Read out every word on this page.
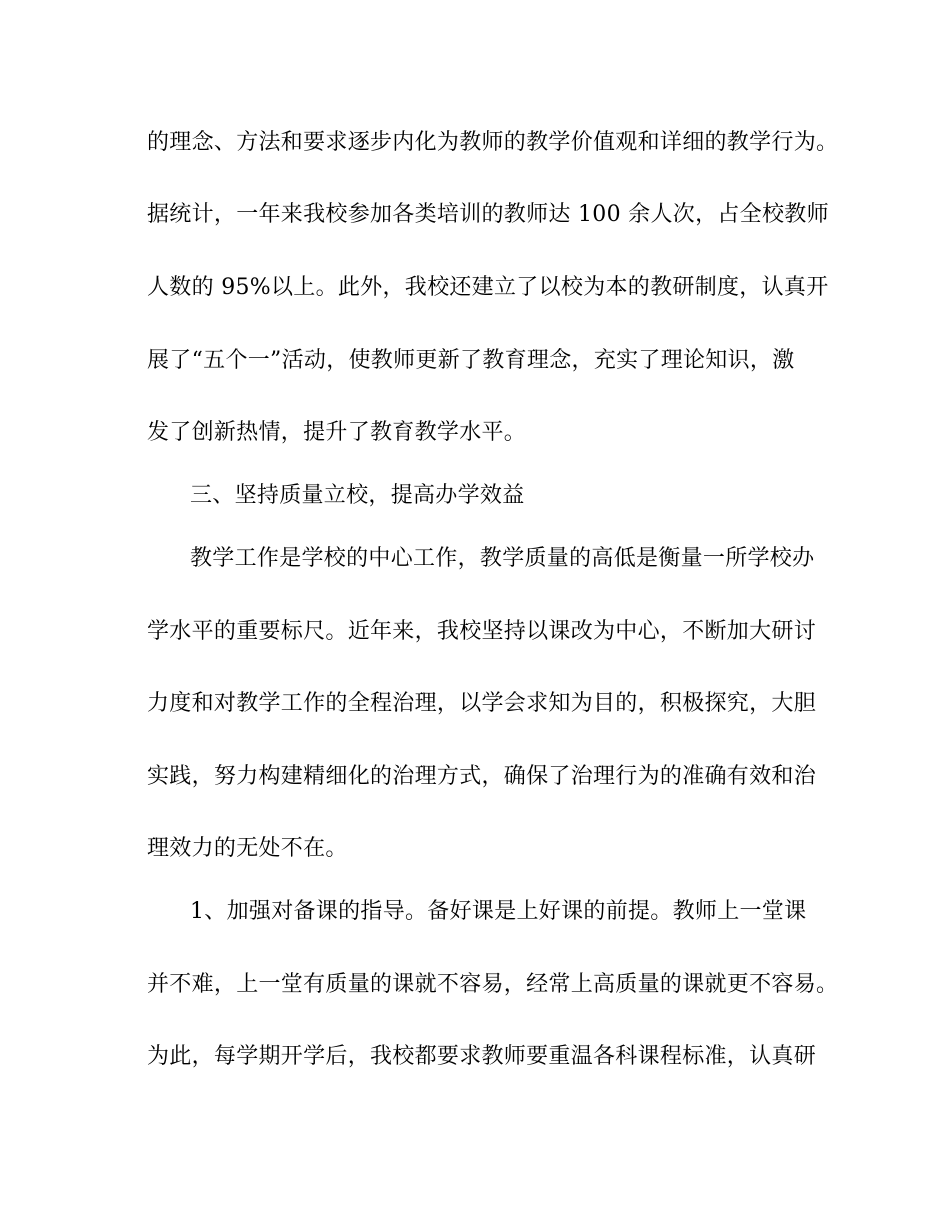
的理念、方法和要求逐步内化为教师的教学价值观和详细的教学行为。
据统计，一年来我校参加各类培训的教师达 100 余人次，占全校教师
人数的 95%以上。此外，我校还建立了以校为本的教研制度，认真开
展了“五个一”活动，使教师更新了教育理念，充实了理论知识，激
发了创新热情，提升了教育教学水平。
三、坚持质量立校，提高办学效益
教学工作是学校的中心工作，教学质量的高低是衡量一所学校办
学水平的重要标尺。近年来，我校坚持以课改为中心，不断加大研讨
力度和对教学工作的全程治理，以学会求知为目的，积极探究，大胆
实践，努力构建精细化的治理方式，确保了治理行为的准确有效和治
理效力的无处不在。
1、加强对备课的指导。备好课是上好课的前提。教师上一堂课
并不难，上一堂有质量的课就不容易，经常上高质量的课就更不容易。
为此，每学期开学后，我校都要求教师要重温各科课程标准，认真研
